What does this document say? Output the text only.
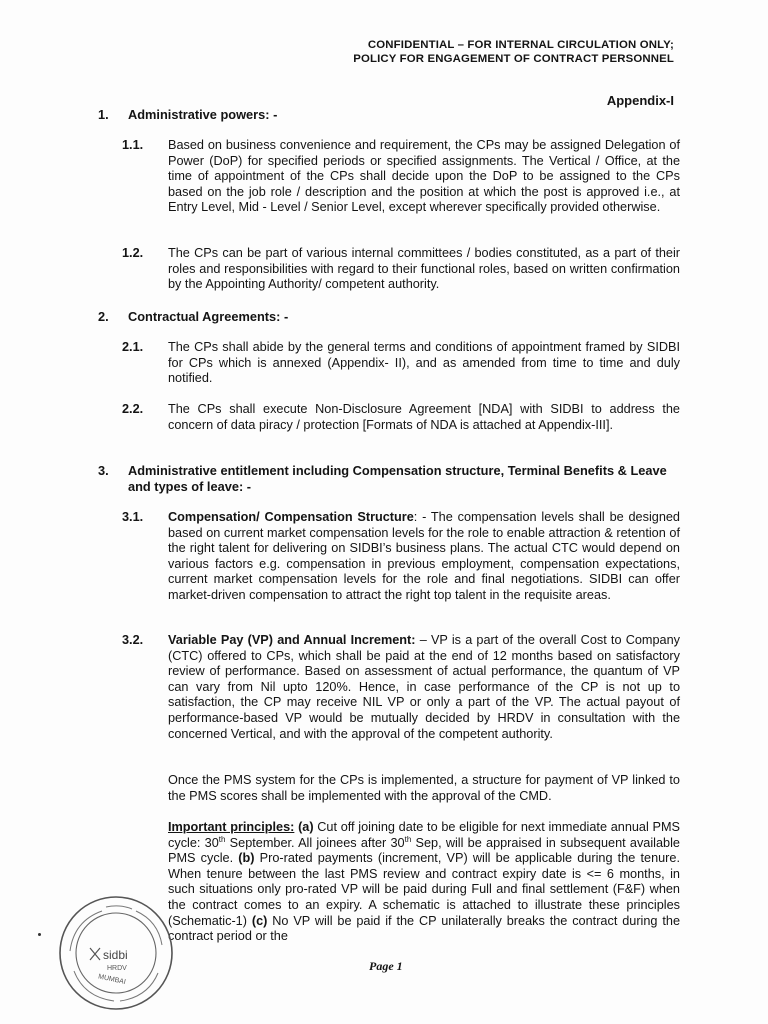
CONFIDENTIAL – FOR INTERNAL CIRCULATION ONLY;
POLICY FOR ENGAGEMENT OF CONTRACT PERSONNEL
Appendix-I
1. Administrative powers: -
1.1. Based on business convenience and requirement, the CPs may be assigned Delegation of Power (DoP) for specified periods or specified assignments. The Vertical / Office, at the time of appointment of the CPs shall decide upon the DoP to be assigned to the CPs based on the job role / description and the position at which the post is approved i.e., at Entry Level, Mid - Level / Senior Level, except wherever specifically provided otherwise.
1.2. The CPs can be part of various internal committees / bodies constituted, as a part of their roles and responsibilities with regard to their functional roles, based on written confirmation by the Appointing Authority/ competent authority.
2. Contractual Agreements: -
2.1. The CPs shall abide by the general terms and conditions of appointment framed by SIDBI for CPs which is annexed (Appendix- II), and as amended from time to time and duly notified.
2.2. The CPs shall execute Non-Disclosure Agreement [NDA] with SIDBI to address the concern of data piracy / protection [Formats of NDA is attached at Appendix-III].
3. Administrative entitlement including Compensation structure, Terminal Benefits & Leave and types of leave: -
3.1. Compensation/ Compensation Structure: - The compensation levels shall be designed based on current market compensation levels for the role to enable attraction & retention of the right talent for delivering on SIDBI’s business plans. The actual CTC would depend on various factors e.g. compensation in previous employment, compensation expectations, current market compensation levels for the role and final negotiations. SIDBI can offer market-driven compensation to attract the right top talent in the requisite areas.
3.2. Variable Pay (VP) and Annual Increment: – VP is a part of the overall Cost to Company (CTC) offered to CPs, which shall be paid at the end of 12 months based on satisfactory review of performance. Based on assessment of actual performance, the quantum of VP can vary from Nil upto 120%. Hence, in case performance of the CP is not up to satisfaction, the CP may receive NIL VP or only a part of the VP. The actual payout of performance-based VP would be mutually decided by HRDV in consultation with the concerned Vertical, and with the approval of the competent authority.
Once the PMS system for the CPs is implemented, a structure for payment of VP linked to the PMS scores shall be implemented with the approval of the CMD.
Important principles: (a) Cut off joining date to be eligible for next immediate annual PMS cycle: 30th September. All joinees after 30th Sep, will be appraised in subsequent available PMS cycle. (b) Pro-rated payments (increment, VP) will be applicable during the tenure. When tenure between the last PMS review and contract expiry date is <= 6 months, in such situations only pro-rated VP will be paid during Full and final settlement (F&F) when the contract comes to an expiry. A schematic is attached to illustrate these principles (Schematic-1) (c) No VP will be paid if the CP unilaterally breaks the contract during the contract period or the
Page 1
sidbi
HRDV
MUMBAI
